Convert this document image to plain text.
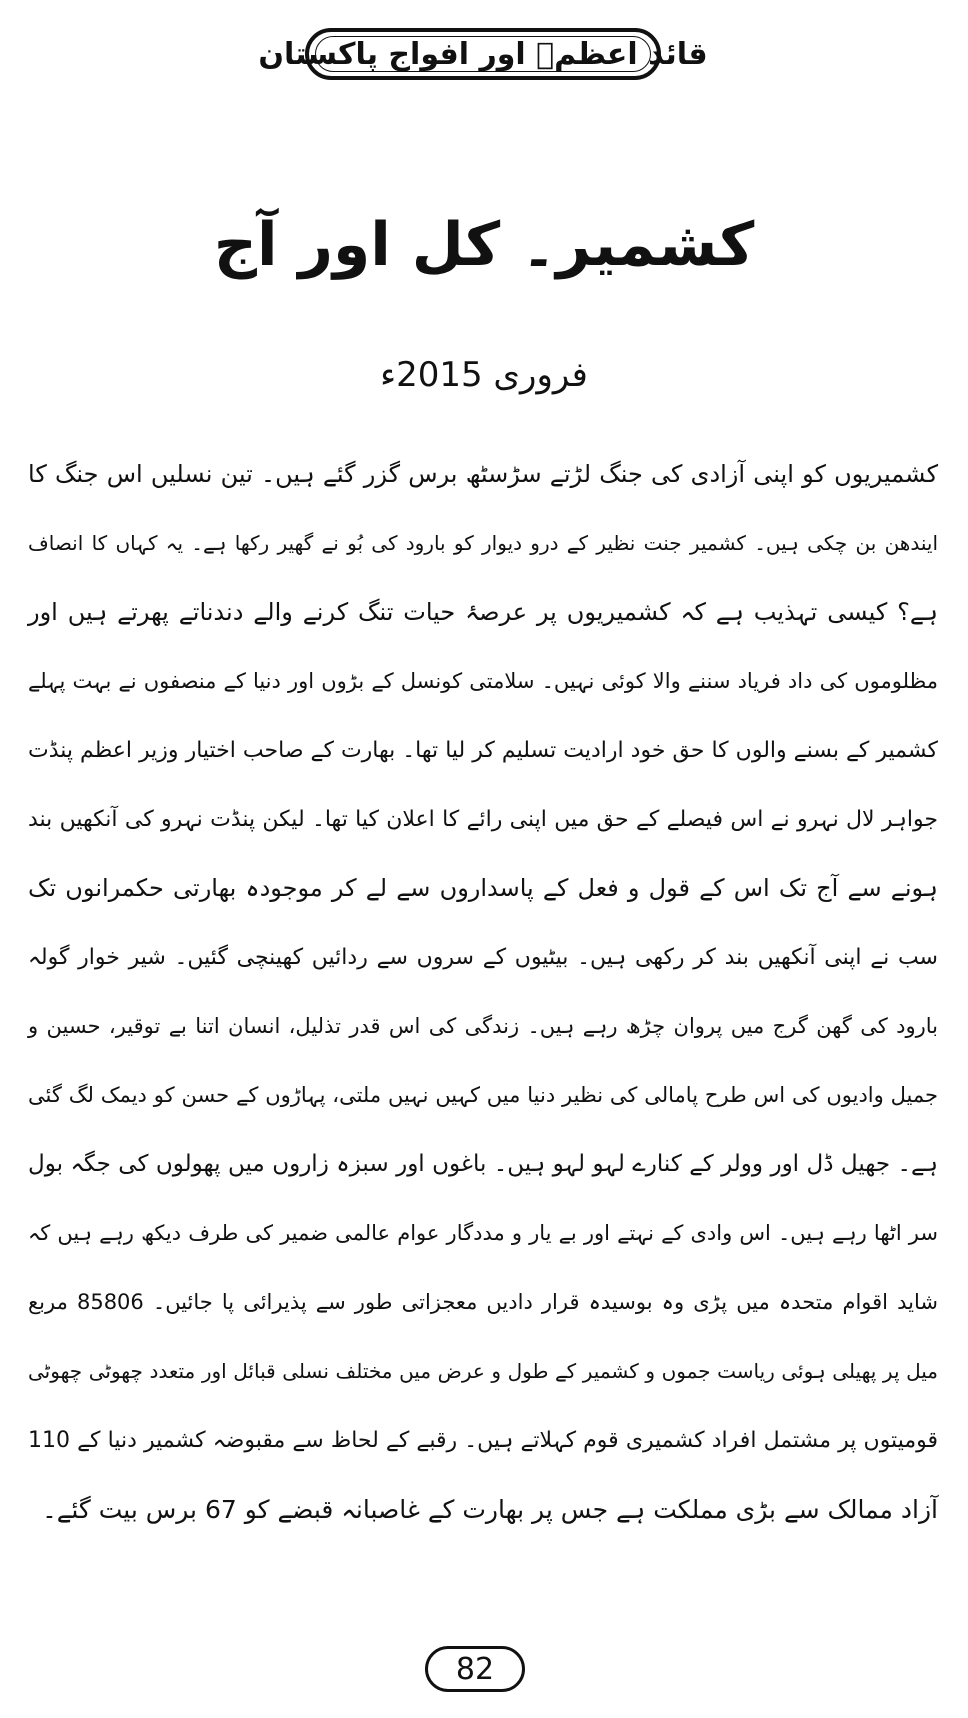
قائد اعظمؒ اور افواج پاکستان
کشمیر۔ کل اور آج
فروری 2015ء
کشمیریوں کو اپنی آزادی کی جنگ لڑتے سڑسٹھ برس گزر گئے ہیں۔ تین نسلیں اس جنگ کا
ایندھن بن چکی ہیں۔ کشمیر جنت نظیر کے درو دیوار کو بارود کی بُو نے گھیر رکھا ہے۔ یہ کہاں کا انصاف
ہے؟ کیسی تہذیب ہے کہ کشمیریوں پر عرصۂ حیات تنگ کرنے والے دندناتے پھرتے ہیں اور
مظلوموں کی داد فریاد سننے والا کوئی نہیں۔ سلامتی کونسل کے بڑوں اور دنیا کے منصفوں نے بہت پہلے
کشمیر کے بسنے والوں کا حق خود ارادیت تسلیم کر لیا تھا۔ بھارت کے صاحب اختیار وزیر اعظم پنڈت
جواہر لال نہرو نے اس فیصلے کے حق میں اپنی رائے کا اعلان کیا تھا۔ لیکن پنڈت نہرو کی آنکھیں بند
ہونے سے آج تک اس کے قول و فعل کے پاسداروں سے لے کر موجودہ بھارتی حکمرانوں تک
سب نے اپنی آنکھیں بند کر رکھی ہیں۔ بیٹیوں کے سروں سے ردائیں کھینچی گئیں۔ شیر خوار گولہ
بارود کی گھن گرج میں پروان چڑھ رہے ہیں۔ زندگی کی اس قدر تذلیل، انسان اتنا بے توقیر، حسین و
جمیل وادیوں کی اس طرح پامالی کی نظیر دنیا میں کہیں نہیں ملتی، پہاڑوں کے حسن کو دیمک لگ گئی
ہے۔ جھیل ڈل اور وولر کے کنارے لہو لہو ہیں۔ باغوں اور سبزہ زاروں میں پھولوں کی جگہ بول
سر اٹھا رہے ہیں۔ اس وادی کے نہتے اور بے یار و مددگار عوام عالمی ضمیر کی طرف دیکھ رہے ہیں کہ
شاید اقوام متحدہ میں پڑی وہ بوسیدہ قرار دادیں معجزاتی طور سے پذیرائی پا جائیں۔ 85806 مربع
میل پر پھیلی ہوئی ریاست جموں و کشمیر کے طول و عرض میں مختلف نسلی قبائل اور متعدد چھوٹی چھوٹی
قومیتوں پر مشتمل افراد کشمیری قوم کہلاتے ہیں۔ رقبے کے لحاظ سے مقبوضہ کشمیر دنیا کے 110
آزاد ممالک سے بڑی مملکت ہے جس پر بھارت کے غاصبانہ قبضے کو 67 برس بیت گئے۔
82
